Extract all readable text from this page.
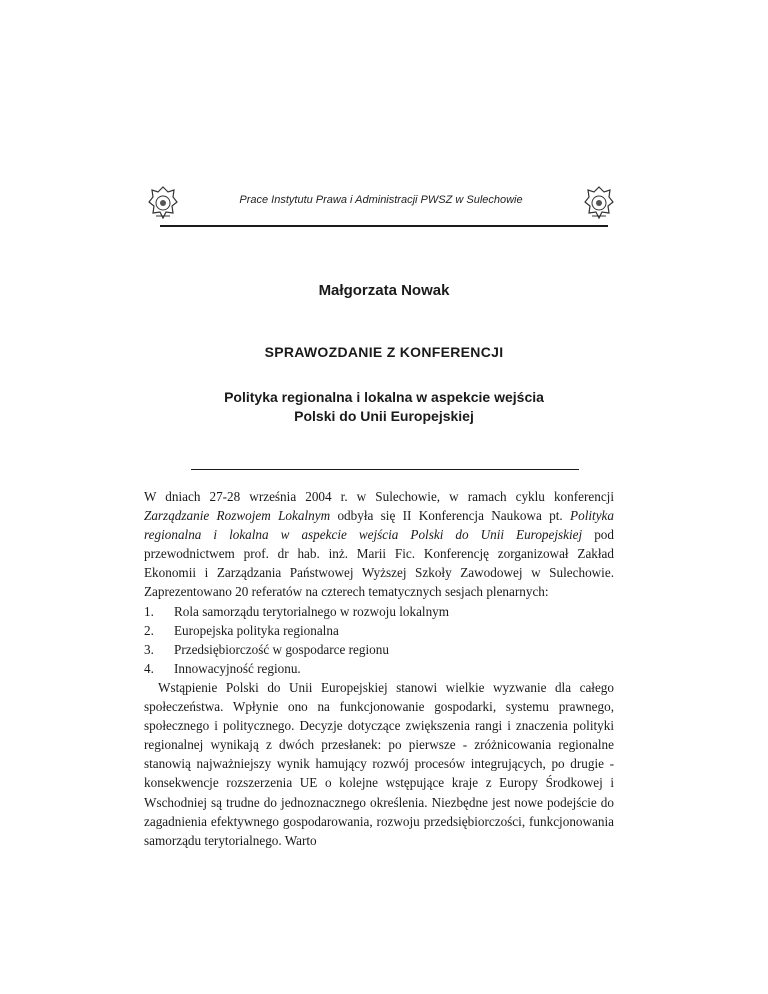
Prace Instytutu Prawa i Administracji PWSZ w Sulechowie
Małgorzata Nowak
SPRAWOZDANIE Z KONFERENCJI
Polityka regionalna i lokalna w aspekcie wejścia
Polski do Unii Europejskiej

W dniach 27-28 września 2004 r. w Sulechowie, w ramach cyklu konferencji Zarządzanie Rozwojem Lokalnym odbyła się II Konferencja Naukowa pt. Polityka regionalna i lokalna w aspekcie wejścia Polski do Unii Europejskiej pod przewodnictwem prof. dr hab. inż. Marii Fic. Konferencję zorganizował Zakład Ekonomii i Zarządzania Państwowej Wyższej Szkoły Zawodowej w Sulechowie. Zaprezentowano 20 referatów na czterech tematycznych sesjach plenarnych:

1.	Rola samorządu terytorialnego w rozwoju lokalnym
2.	Europejska polityka regionalna
3.	Przedsiębiorczość w gospodarce regionu
4.	Innowacyjność regionu.

Wstąpienie Polski do Unii Europejskiej stanowi wielkie wyzwanie dla całego społeczeństwa. Wpłynie ono na funkcjonowanie gospodarki, systemu prawnego, społecznego i politycznego. Decyzje dotyczące zwiększenia rangi i znaczenia polityki regionalnej wynikają z dwóch przesłanek: po pierwsze - zróżnicowania regionalne stanowią najważniejszy wynik hamujący rozwój procesów integrujących, po drugie - konsekwencje rozszerzenia UE o kolejne wstępujące kraje z Europy Środkowej i Wschodniej są trudne do jednoznacznego określenia. Niezbędne jest nowe podejście do zagadnienia efektywnego gospodarowania, rozwoju przedsiębiorczości, funkcjonowania samorządu terytorialnego. Warto
